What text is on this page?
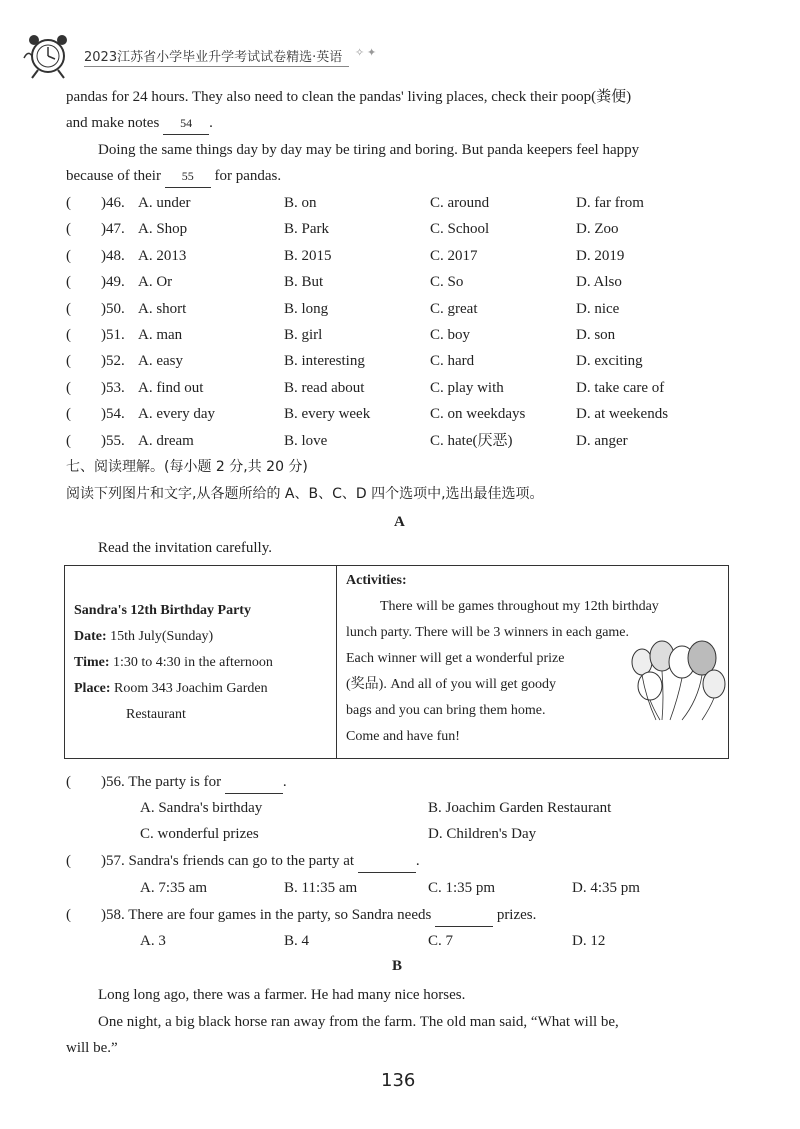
2023江苏省小学毕业升学考试试卷精选·英语 ✧ ✦
pandas for 24 hours. They also need to clean the pandas' living places, check their poop(粪便)
and make notes 54 .
Doing the same things day by day may be tiring and boring. But panda keepers feel happy
because of their 55 for pandas.
(　　)46. A. under	B. on	C. around	D. far from
(　　)47. A. Shop	B. Park	C. School	D. Zoo
(　　)48. A. 2013	B. 2015	C. 2017	D. 2019
(　　)49. A. Or	B. But	C. So	D. Also
(　　)50. A. short	B. long	C. great	D. nice
(　　)51. A. man	B. girl	C. boy	D. son
(　　)52. A. easy	B. interesting	C. hard	D. exciting
(　　)53. A. find out	B. read about	C. play with	D. take care of
(　　)54. A. every day	B. every week	C. on weekdays	D. at weekends
(　　)55. A. dream	B. love	C. hate(厌恶)	D. anger
七、阅读理解。(每小题 2 分,共 20 分)
阅读下列图片和文字,从各题所给的 A、B、C、D 四个选项中,选出最佳选项。
A
Read the invitation carefully.
Sandra's 12th Birthday Party
Date: 15th July(Sunday)
Time: 1:30 to 4:30 in the afternoon
Place: Room 343 Joachim Garden
Restaurant
Activities:
There will be games throughout my 12th birthday
lunch party. There will be 3 winners in each game.
Each winner will get a wonderful prize
(奖品). And all of you will get goody
bags and you can bring them home.
Come and have fun!
(　　)56. The party is for	.
A. Sandra's birthday	B. Joachim Garden Restaurant
C. wonderful prizes	D. Children's Day
(　　)57. Sandra's friends can go to the party at	.
A. 7:35 am	B. 11:35 am	C. 1:35 pm	D. 4:35 pm
(　　)58. There are four games in the party, so Sandra needs	prizes.
A. 3	B. 4	C. 7	D. 12
B
Long long ago, there was a farmer. He had many nice horses.
One night, a big black horse ran away from the farm. The old man said, “What will be,
will be.”
136
